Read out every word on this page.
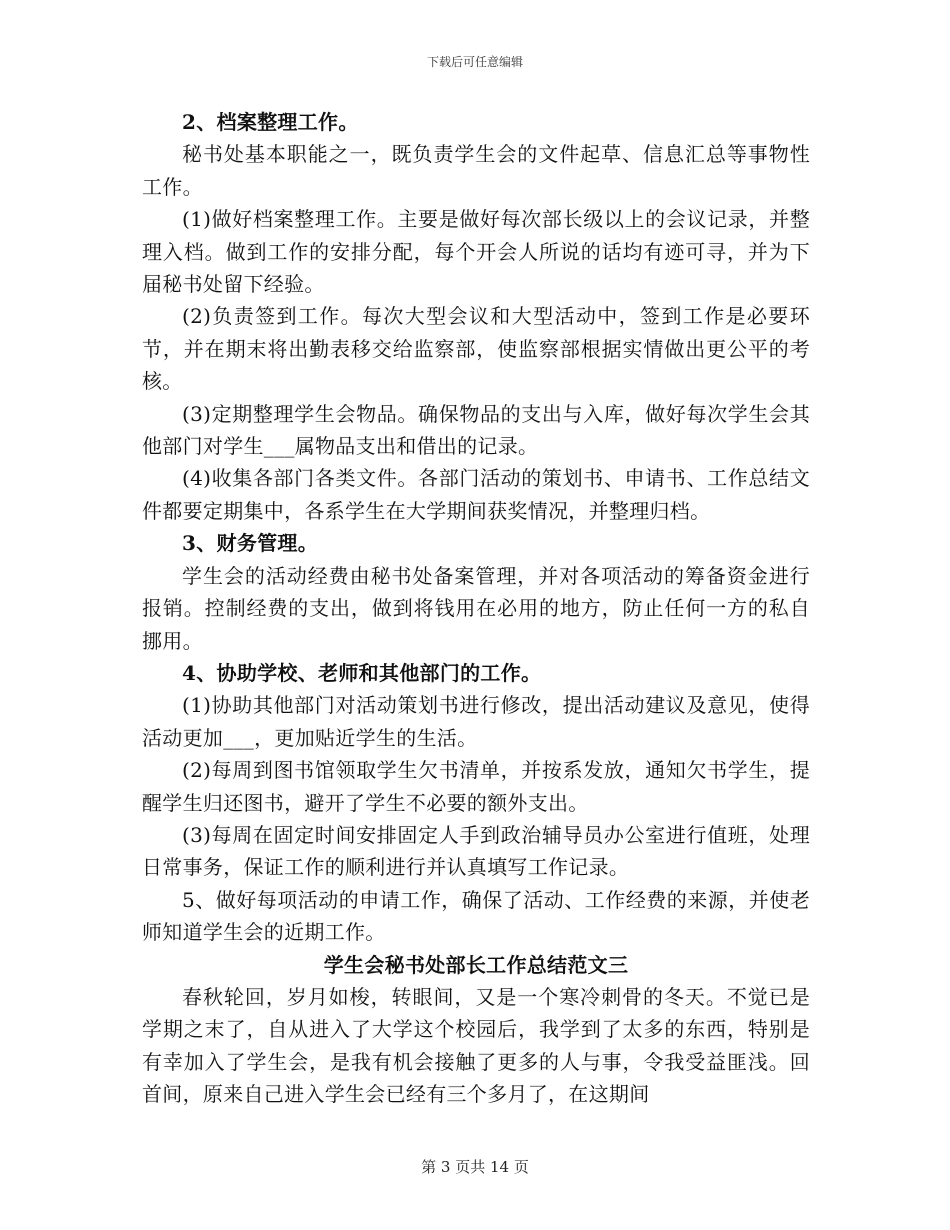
下载后可任意编辑

2、档案整理工作。

秘书处基本职能之一，既负责学生会的文件起草、信息汇总等事物性工作。

(1)做好档案整理工作。主要是做好每次部长级以上的会议记录，并整理入档。做到工作的安排分配，每个开会人所说的话均有迹可寻，并为下届秘书处留下经验。

(2)负责签到工作。每次大型会议和大型活动中，签到工作是必要环节，并在期末将出勤表移交给监察部，使监察部根据实情做出更公平的考核。

(3)定期整理学生会物品。确保物品的支出与入库，做好每次学生会其他部门对学生___属物品支出和借出的记录。

(4)收集各部门各类文件。各部门活动的策划书、申请书、工作总结文件都要定期集中，各系学生在大学期间获奖情况，并整理归档。

3、财务管理。

学生会的活动经费由秘书处备案管理，并对各项活动的筹备资金进行报销。控制经费的支出，做到将钱用在必用的地方，防止任何一方的私自挪用。

4、协助学校、老师和其他部门的工作。

(1)协助其他部门对活动策划书进行修改，提出活动建议及意见，使得活动更加___，更加贴近学生的生活。

(2)每周到图书馆领取学生欠书清单，并按系发放，通知欠书学生，提醒学生归还图书，避开了学生不必要的额外支出。

(3)每周在固定时间安排固定人手到政治辅导员办公室进行值班，处理日常事务，保证工作的顺利进行并认真填写工作记录。

5、做好每项活动的申请工作，确保了活动、工作经费的来源，并使老师知道学生会的近期工作。

学生会秘书处部长工作总结范文三

春秋轮回，岁月如梭，转眼间，又是一个寒冷刺骨的冬天。不觉已是学期之末了，自从进入了大学这个校园后，我学到了太多的东西，特别是有幸加入了学生会，是我有机会接触了更多的人与事，令我受益匪浅。回首间，原来自己进入学生会已经有三个多月了，在这期间

第 3 页共 14 页
